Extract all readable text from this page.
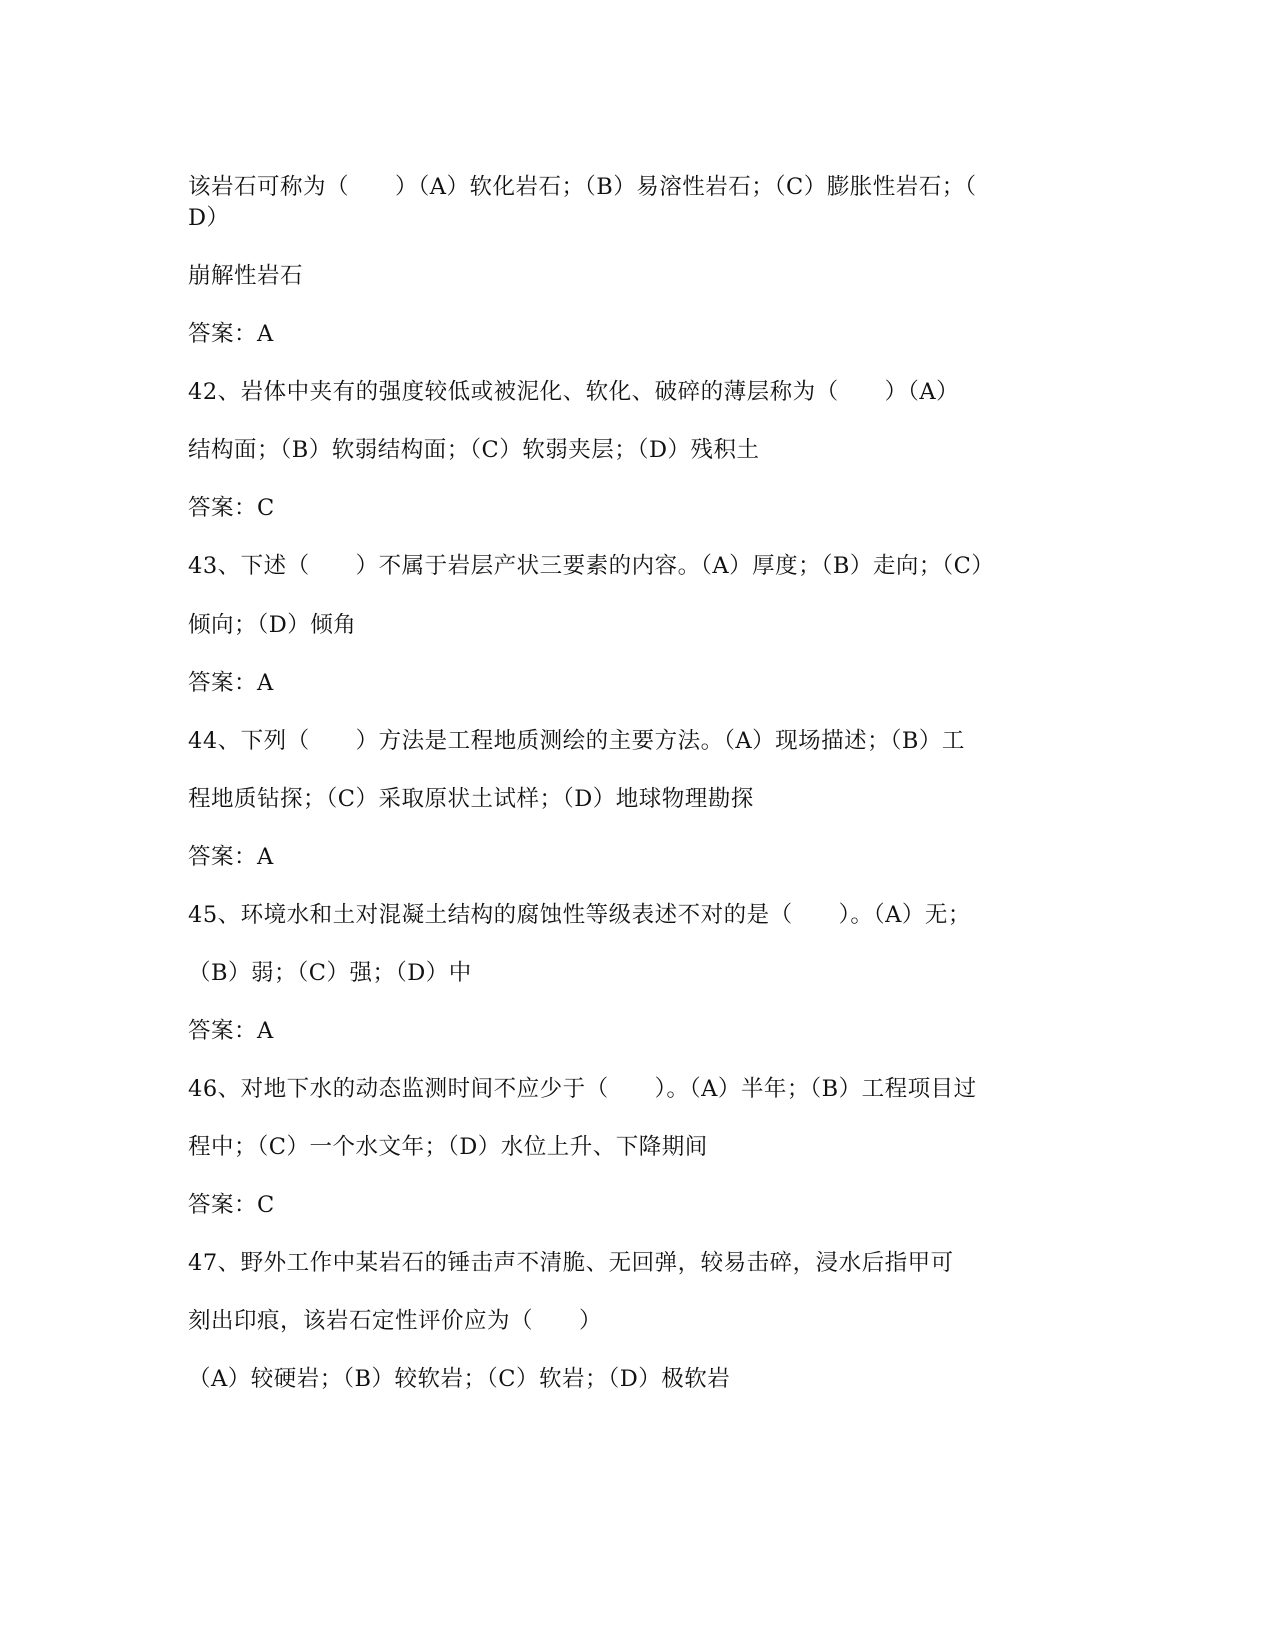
该岩石可称为（　　）（A）软化岩石；（B）易溶性岩石；（C）膨胀性岩石；（
D）
崩解性岩石
答案：A
42、岩体中夹有的强度较低或被泥化、软化、破碎的薄层称为（　　）（A）
结构面；（B）软弱结构面；（C）软弱夹层；（D）残积土
答案：C
43、下述（　　）不属于岩层产状三要素的内容。（A）厚度；（B）走向；（C）
倾向；（D）倾角
答案：A
44、下列（　　）方法是工程地质测绘的主要方法。（A）现场描述；（B）工
程地质钻探；（C）采取原状土试样；（D）地球物理勘探
答案：A
45、环境水和土对混凝土结构的腐蚀性等级表述不对的是（　　）。（A）无；
（B）弱；（C）强；（D）中
答案：A
46、对地下水的动态监测时间不应少于（　　）。（A）半年；（B）工程项目过
程中；（C）一个水文年；（D）水位上升、下降期间
答案：C
47、野外工作中某岩石的锤击声不清脆、无回弹，较易击碎，浸水后指甲可
刻出印痕，该岩石定性评价应为（　　）
（A）较硬岩；（B）较软岩；（C）软岩；（D）极软岩
